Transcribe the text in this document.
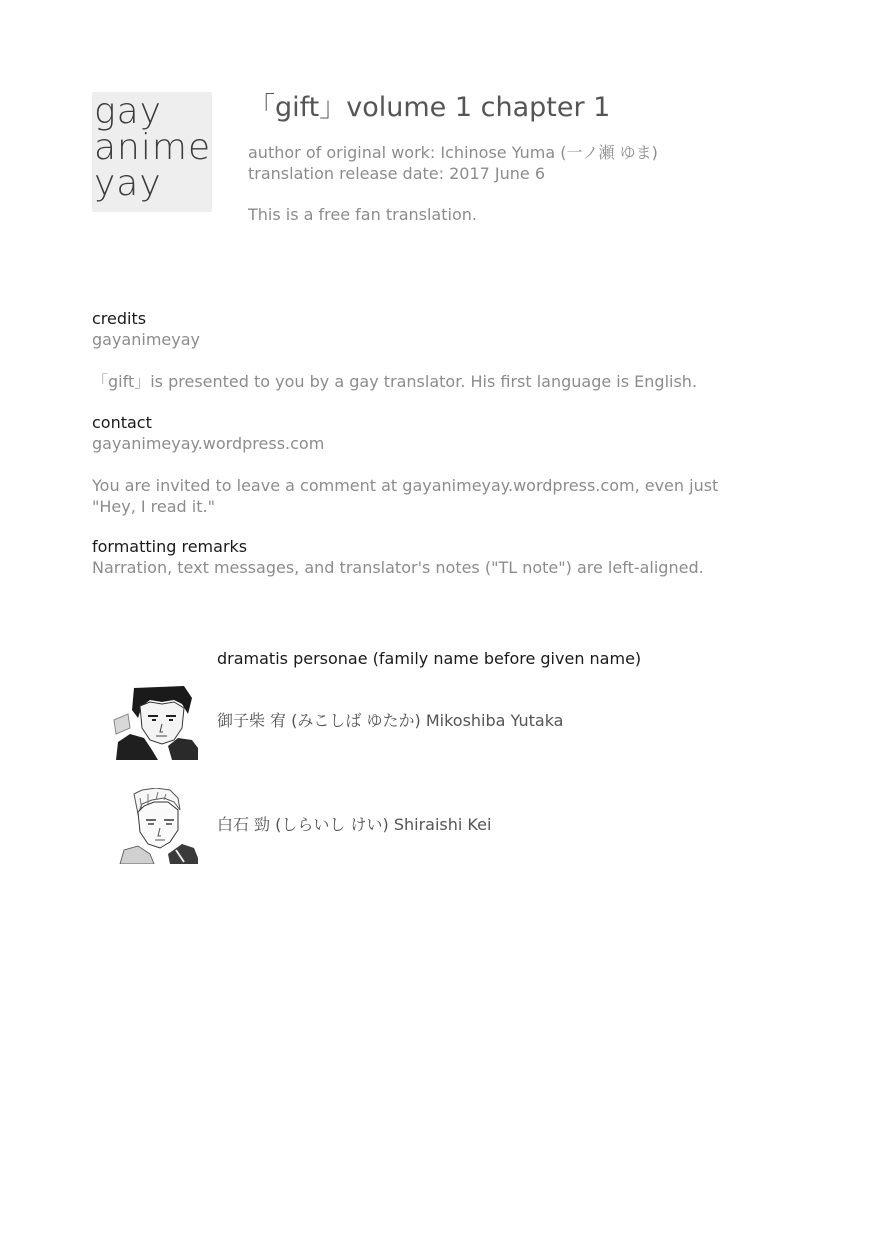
gay
anime
yay
「gift」volume 1 chapter 1

author of original work: Ichinose Yuma (一ノ瀬 ゆま)

translation release date: 2017 June 6

This is a free fan translation.

credits

gayanimeyay

「gift」is presented to you by a gay translator. His first language is English.

contact

gayanimeyay.wordpress.com

You are invited to leave a comment at gayanimeyay.wordpress.com, even just

"Hey, I read it."

formatting remarks

Narration, text messages, and translator's notes ("TL note") are left-aligned.

dramatis personae (family name before given name)
御子柴 宥 (みこしば ゆたか) Mikoshiba Yutaka
白石 勁 (しらいし けい) Shiraishi Kei
